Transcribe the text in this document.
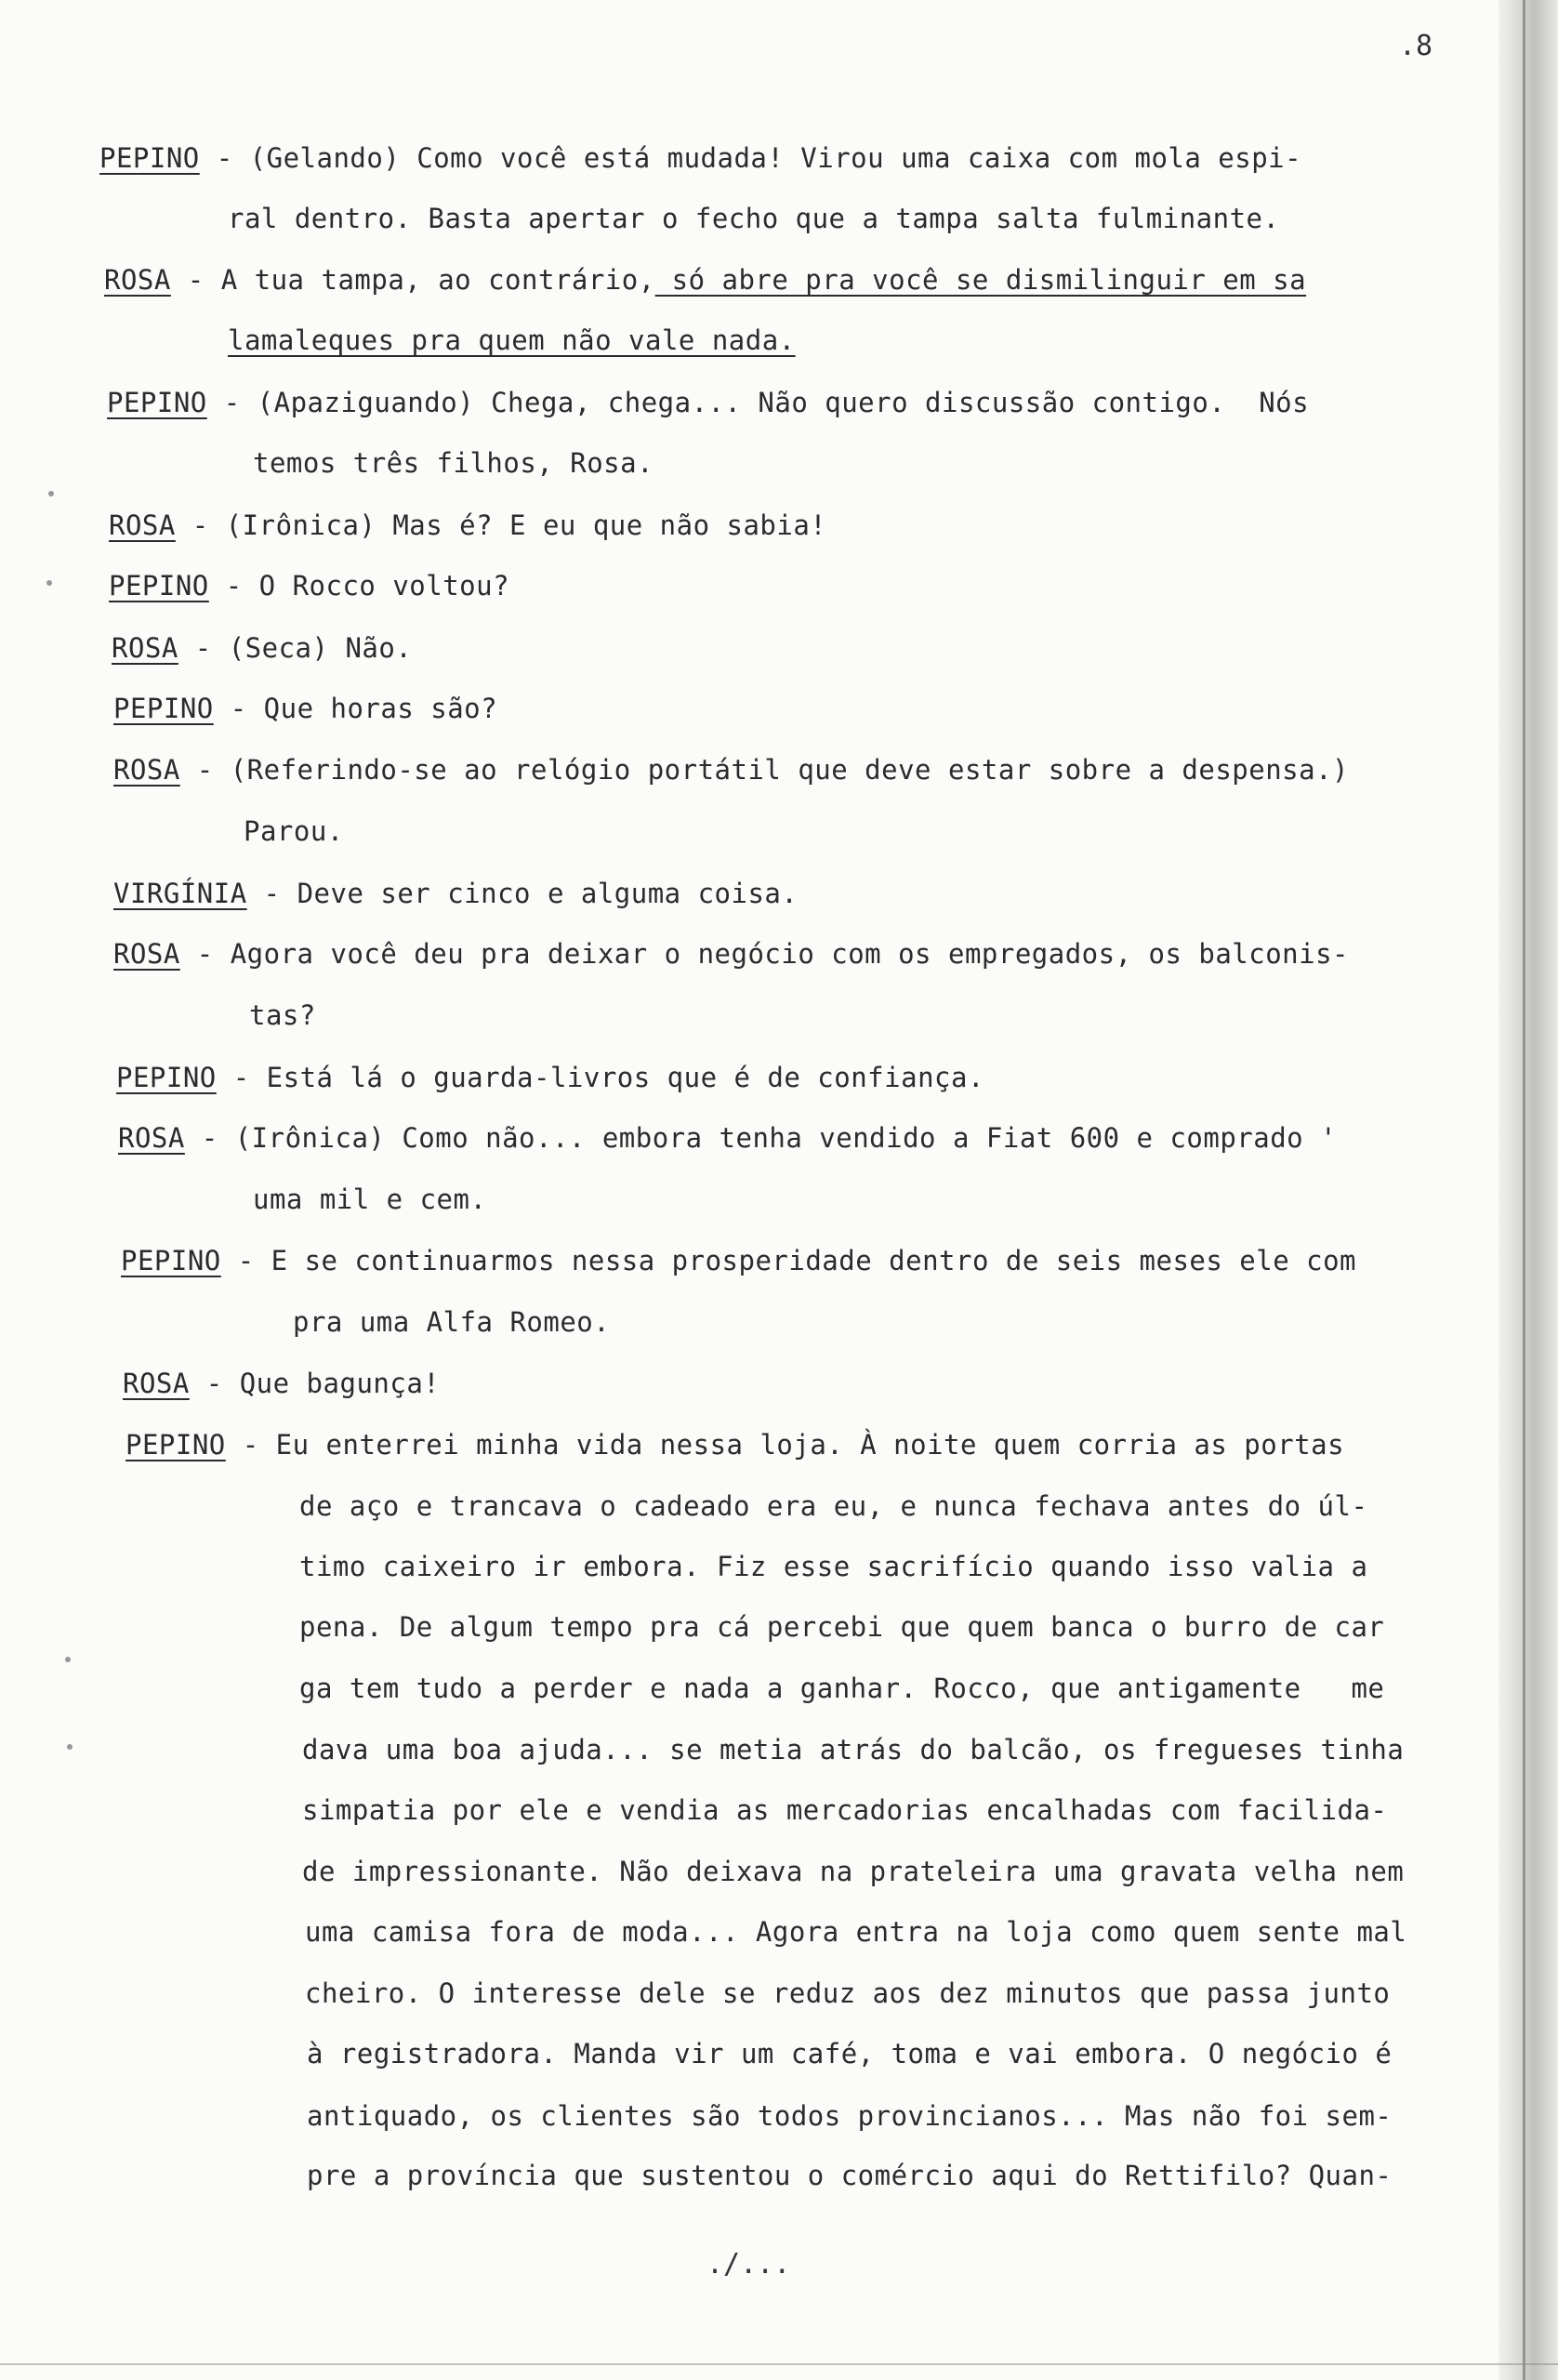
.8
PEPINO - (Gelando) Como você está mudada! Virou uma caixa com mola espi-
ral dentro. Basta apertar o fecho que a tampa salta fulminante.
ROSA - A tua tampa, ao contrário, só abre pra você se dismilinguir em sa
lamaleques pra quem não vale nada.
PEPINO - (Apaziguando) Chega, chega... Não quero discussão contigo.  Nós
temos três filhos, Rosa.
ROSA - (Irônica) Mas é? E eu que não sabia!
PEPINO - O Rocco voltou?
ROSA - (Seca) Não.
PEPINO - Que horas são?
ROSA - (Referindo-se ao relógio portátil que deve estar sobre a despensa.)
Parou.
VIRGÍNIA - Deve ser cinco e alguma coisa.
ROSA - Agora você deu pra deixar o negócio com os empregados, os balconis-
tas?
PEPINO - Está lá o guarda-livros que é de confiança.
ROSA - (Irônica) Como não... embora tenha vendido a Fiat 600 e comprado '
uma mil e cem.
PEPINO - E se continuarmos nessa prosperidade dentro de seis meses ele com
pra uma Alfa Romeo.
ROSA - Que bagunça!
PEPINO - Eu enterrei minha vida nessa loja. À noite quem corria as portas
de aço e trancava o cadeado era eu, e nunca fechava antes do úl-
timo caixeiro ir embora. Fiz esse sacrifício quando isso valia a
pena. De algum tempo pra cá percebi que quem banca o burro de car
ga tem tudo a perder e nada a ganhar. Rocco, que antigamente   me
dava uma boa ajuda... se metia atrás do balcão, os fregueses tinha
simpatia por ele e vendia as mercadorias encalhadas com facilida-
de impressionante. Não deixava na prateleira uma gravata velha nem
uma camisa fora de moda... Agora entra na loja como quem sente mal
cheiro. O interesse dele se reduz aos dez minutos que passa junto
à registradora. Manda vir um café, toma e vai embora. O negócio é
antiquado, os clientes são todos provincianos... Mas não foi sem-
pre a província que sustentou o comércio aqui do Rettifilo? Quan-
./...
